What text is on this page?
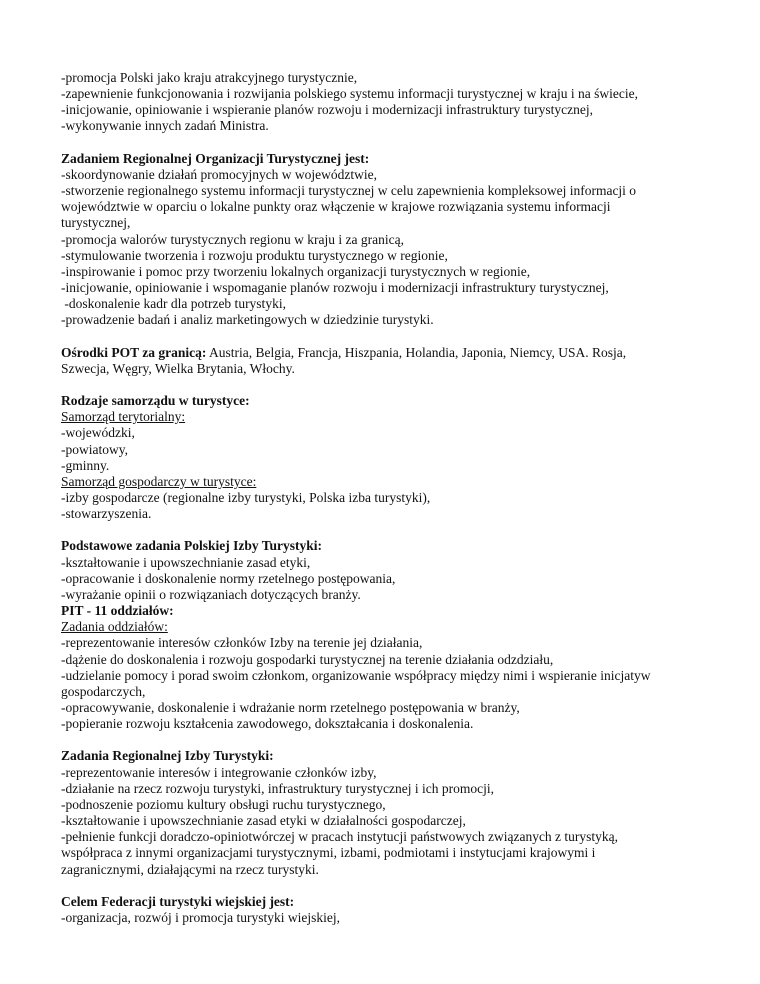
-promocja Polski jako kraju atrakcyjnego turystycznie,
-zapewnienie funkcjonowania i rozwijania polskiego systemu informacji turystycznej w kraju i na świecie,
-inicjowanie, opiniowanie i wspieranie planów rozwoju i modernizacji infrastruktury turystycznej,
-wykonywanie innych zadań Ministra.
Zadaniem Regionalnej Organizacji Turystycznej jest:
-skoordynowanie działań promocyjnych w województwie,
-stworzenie regionalnego systemu informacji turystycznej w celu zapewnienia kompleksowej informacji o
województwie w oparciu o lokalne punkty oraz włączenie w krajowe rozwiązania systemu informacji
turystycznej,
-promocja walorów turystycznych regionu w kraju i za granicą,
-stymulowanie tworzenia i rozwoju produktu turystycznego w regionie,
-inspirowanie i pomoc przy tworzeniu lokalnych organizacji turystycznych w regionie,
-inicjowanie, opiniowanie i wspomaganie planów rozwoju i modernizacji infrastruktury turystycznej,
-doskonalenie kadr dla potrzeb turystyki,
-prowadzenie badań i analiz marketingowych w dziedzinie turystyki.
Ośrodki POT za granicą: Austria, Belgia, Francja, Hiszpania, Holandia, Japonia, Niemcy, USA. Rosja,
Szwecja, Węgry, Wielka Brytania, Włochy.
Rodzaje samorządu w turystyce:
Samorząd terytorialny:
-wojewódzki,
-powiatowy,
-gminny.
Samorząd gospodarczy w turystyce:
-izby gospodarcze (regionalne izby turystyki, Polska izba turystyki),
-stowarzyszenia.
Podstawowe zadania Polskiej Izby Turystyki:
-kształtowanie i upowszechnianie zasad etyki,
-opracowanie i doskonalenie normy rzetelnego postępowania,
-wyrażanie opinii o rozwiązaniach dotyczących branży.
PIT - 11 oddziałów:
Zadania oddziałów:
-reprezentowanie interesów członków Izby na terenie jej działania,
-dążenie do doskonalenia i rozwoju gospodarki turystycznej na terenie działania odzdziału,
-udzielanie pomocy i porad swoim członkom, organizowanie współpracy między nimi i wspieranie inicjatyw
gospodarczych,
-opracowywanie, doskonalenie i wdrażanie norm rzetelnego postępowania w branży,
-popieranie rozwoju kształcenia zawodowego, dokształcania i doskonalenia.
Zadania Regionalnej Izby Turystyki:
-reprezentowanie interesów i integrowanie członków izby,
-działanie na rzecz rozwoju turystyki, infrastruktury turystycznej i ich promocji,
-podnoszenie poziomu kultury obsługi ruchu turystycznego,
-kształtowanie i upowszechnianie zasad etyki w działalności gospodarczej,
-pełnienie funkcji doradczo-opiniotwórczej w pracach instytucji państwowych związanych z turystyką,
współpraca z innymi organizacjami turystycznymi, izbami, podmiotami i instytucjami krajowymi i
zagranicznymi, działającymi na rzecz turystyki.
Celem Federacji turystyki wiejskiej jest:
-organizacja, rozwój i promocja turystyki wiejskiej,
